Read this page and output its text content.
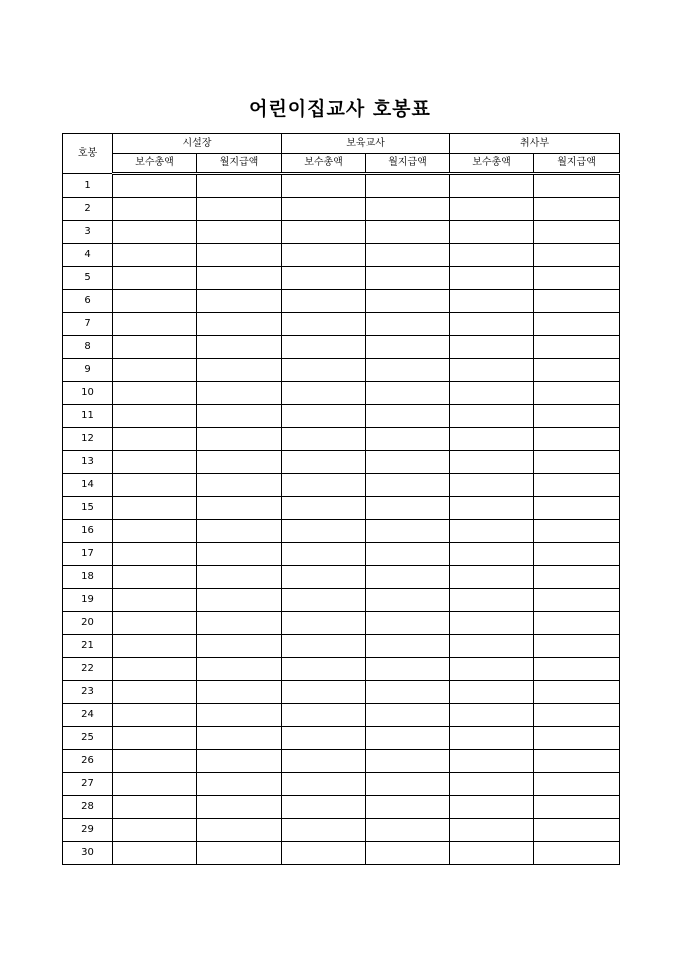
어린이집교사 호봉표
호봉	시설장		보육교사		취사부	
	보수총액	월지급액	보수총액	월지급액	보수총액	월지급액
1						
2						
3						
4						
5						
6						
7						
8						
9						
10						
11						
12						
13						
14						
15						
16						
17						
18						
19						
20						
21						
22						
23						
24						
25						
26						
27						
28						
29						
30						
